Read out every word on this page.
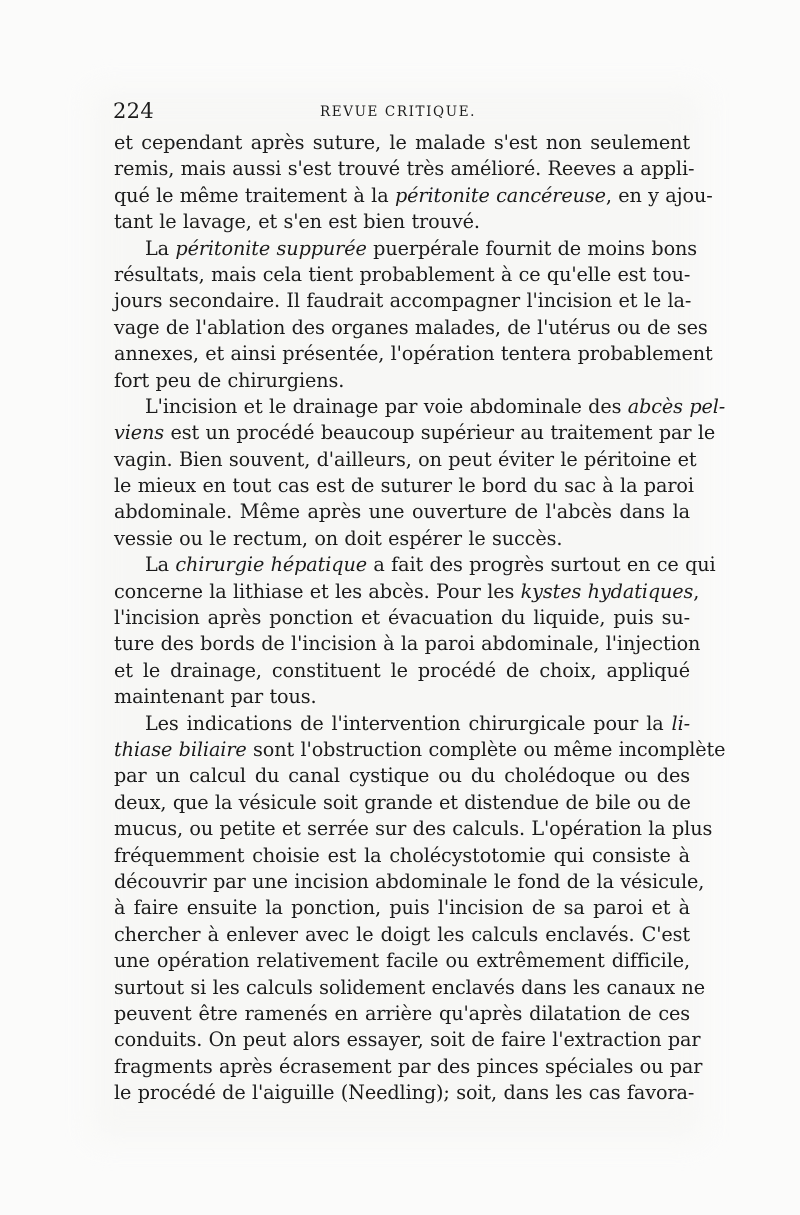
224	REVUE CRITIQUE.
et cependant après suture, le malade s'est non seulement
remis, mais aussi s'est trouvé très amélioré. Reeves a appli-
qué le même traitement à la péritonite cancéreuse, en y ajou-
tant le lavage, et s'en est bien trouvé.
La péritonite suppurée puerpérale fournit de moins bons
résultats, mais cela tient probablement à ce qu'elle est tou-
jours secondaire. Il faudrait accompagner l'incision et le la-
vage de l'ablation des organes malades, de l'utérus ou de ses
annexes, et ainsi présentée, l'opération tentera probablement
fort peu de chirurgiens.
L'incision et le drainage par voie abdominale des abcès pel-
viens est un procédé beaucoup supérieur au traitement par le
vagin. Bien souvent, d'ailleurs, on peut éviter le péritoine et
le mieux en tout cas est de suturer le bord du sac à la paroi
abdominale. Même après une ouverture de l'abcès dans la
vessie ou le rectum, on doit espérer le succès.
La chirurgie hépatique a fait des progrès surtout en ce qui
concerne la lithiase et les abcès. Pour les kystes hydatiques,
l'incision après ponction et évacuation du liquide, puis su-
ture des bords de l'incision à la paroi abdominale, l'injection
et le drainage, constituent le procédé de choix, appliqué
maintenant par tous.
Les indications de l'intervention chirurgicale pour la li-
thiase biliaire sont l'obstruction complète ou même incomplète
par un calcul du canal cystique ou du cholédoque ou des
deux, que la vésicule soit grande et distendue de bile ou de
mucus, ou petite et serrée sur des calculs. L'opération la plus
fréquemment choisie est la cholécystotomie qui consiste à
découvrir par une incision abdominale le fond de la vésicule,
à faire ensuite la ponction, puis l'incision de sa paroi et à
chercher à enlever avec le doigt les calculs enclavés. C'est
une opération relativement facile ou extrêmement difficile,
surtout si les calculs solidement enclavés dans les canaux ne
peuvent être ramenés en arrière qu'après dilatation de ces
conduits. On peut alors essayer, soit de faire l'extraction par
fragments après écrasement par des pinces spéciales ou par
le procédé de l'aiguille (Needling); soit, dans les cas favora-
